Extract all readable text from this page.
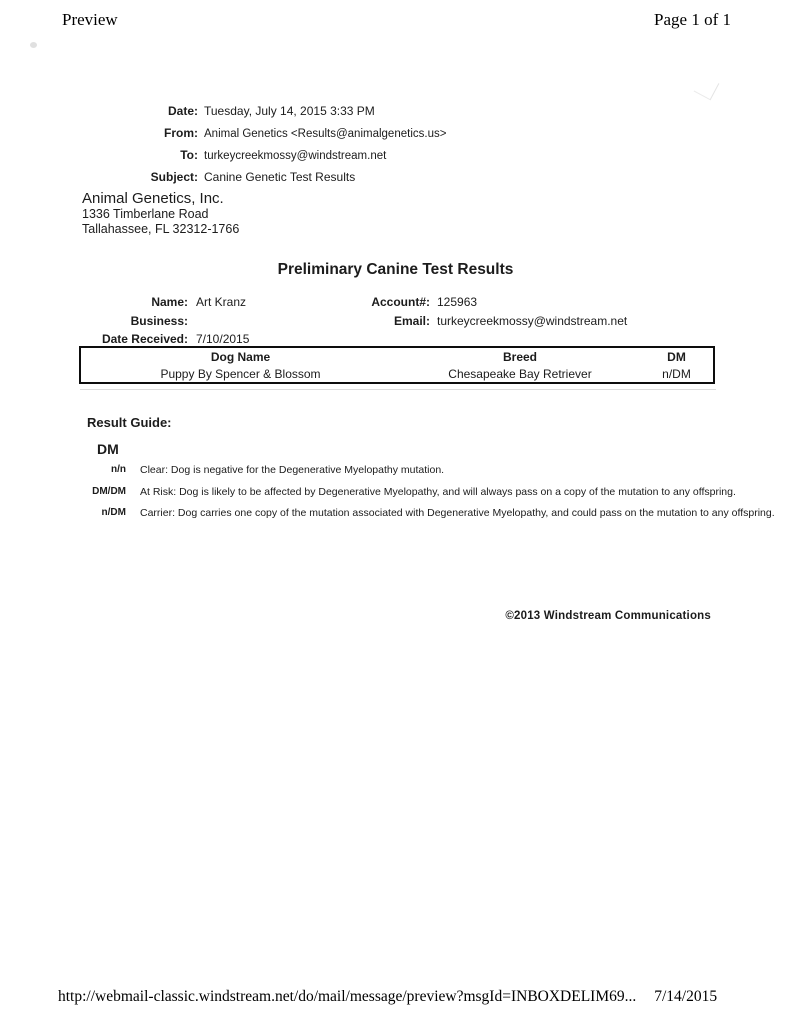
Preview	Page 1 of 1
Date: Tuesday, July 14, 2015 3:33 PM
From: Animal Genetics <Results@animalgenetics.us>
To: turkeycreekmossy@windstream.net
Subject: Canine Genetic Test Results
Animal Genetics, Inc.
1336 Timberlane Road
Tallahassee, FL 32312-1766
Preliminary Canine Test Results
Name: Art Kranz	Account#: 125963
Business:	Email: turkeycreekmossy@windstream.net
Date Received: 7/10/2015
Dog Name	Breed	DM
Puppy By Spencer & Blossom	Chesapeake Bay Retriever	n/DM
Result Guide:
DM
n/n Clear: Dog is negative for the Degenerative Myelopathy mutation.
DM/DM At Risk: Dog is likely to be affected by Degenerative Myelopathy, and will always pass on a copy of the mutation to any offspring.
n/DM Carrier: Dog carries one copy of the mutation associated with Degenerative Myelopathy, and could pass on the mutation to any offspring.
©2013 Windstream Communications
http://webmail-classic.windstream.net/do/mail/message/preview?msgId=INBOXDELIM69... 7/14/2015
